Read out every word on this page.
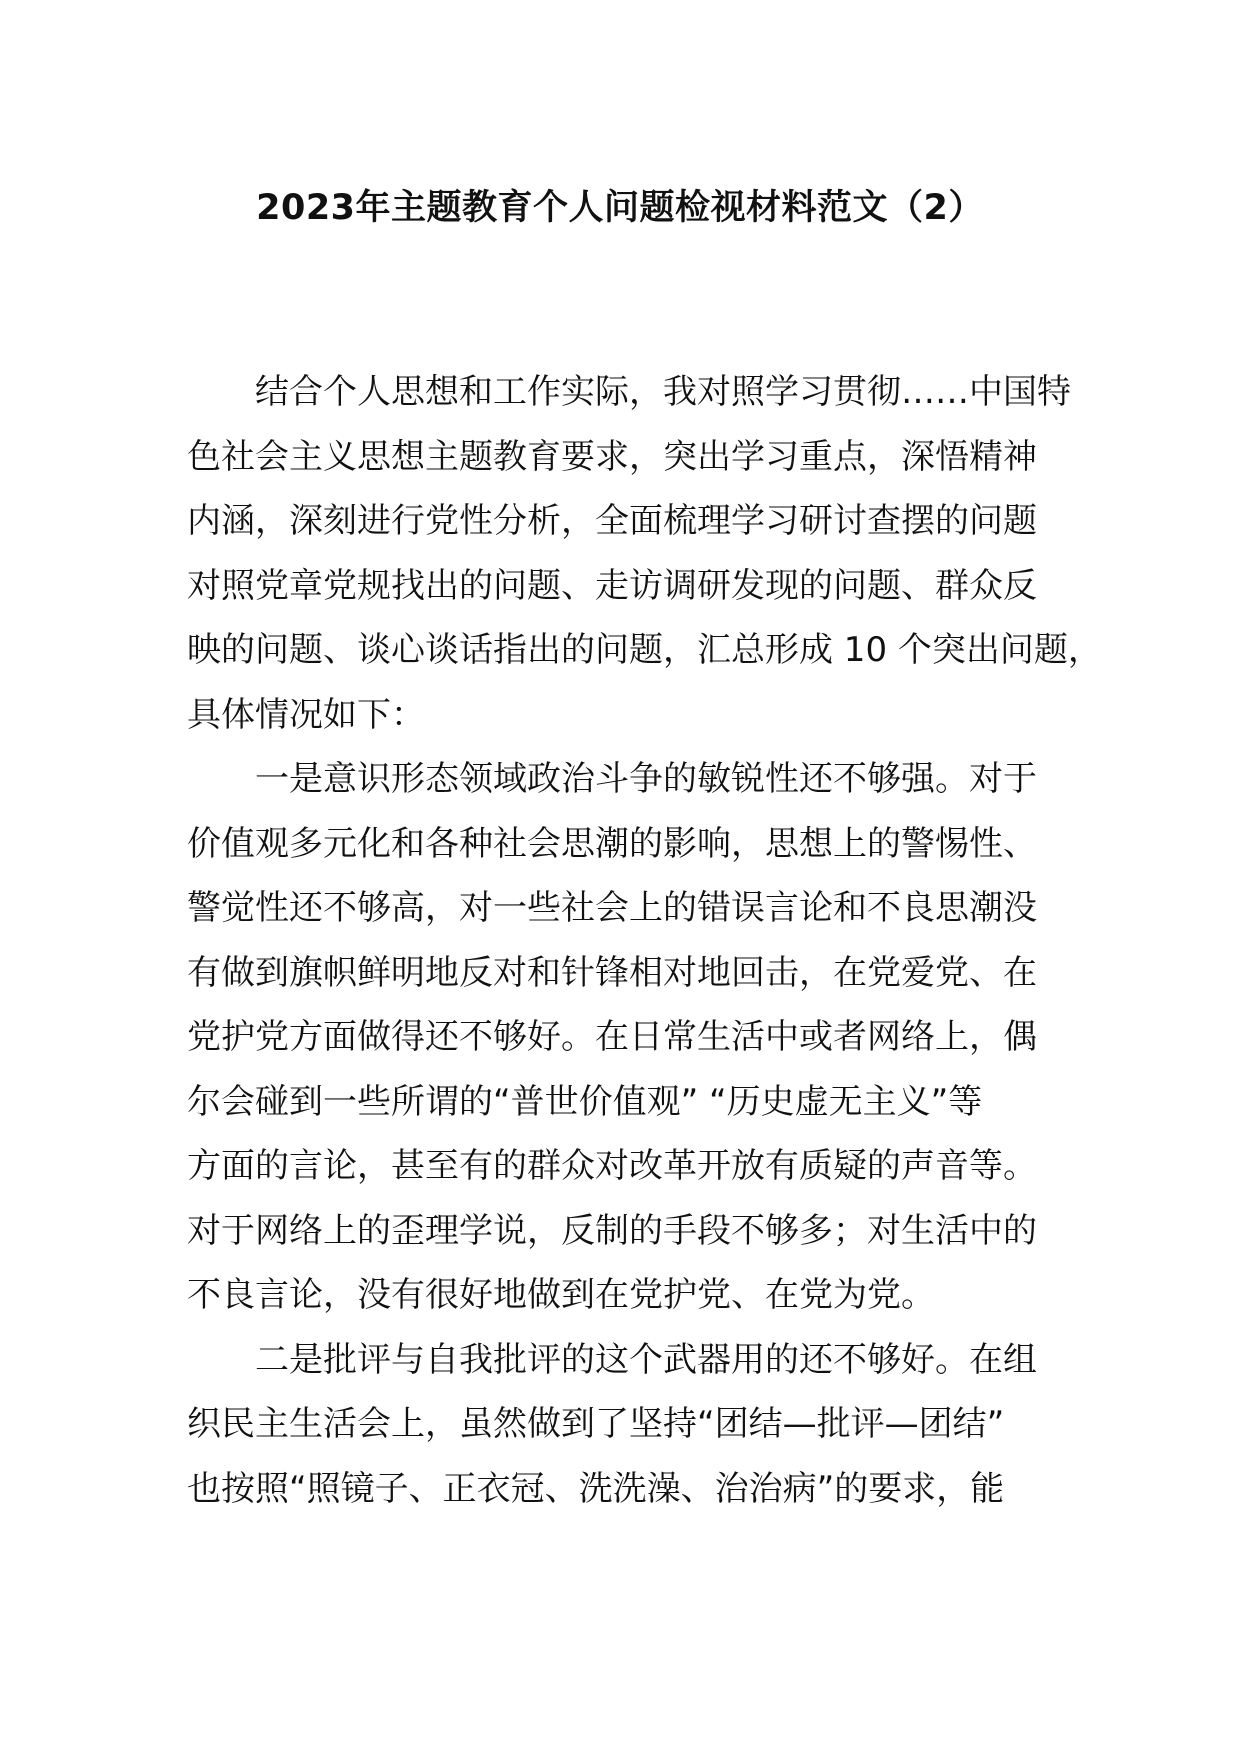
2023年主题教育个人问题检视材料范文（2）
结合个人思想和工作实际，我对照学习贯彻……中国特
色社会主义思想主题教育要求，突出学习重点，深悟精神
内涵，深刻进行党性分析，全面梳理学习研讨查摆的问题
对照党章党规找出的问题、走访调研发现的问题、群众反
映的问题、谈心谈话指出的问题，汇总形成 10 个突出问题，
具体情况如下：
一是意识形态领域政治斗争的敏锐性还不够强。对于
价值观多元化和各种社会思潮的影响，思想上的警惕性、
警觉性还不够高，对一些社会上的错误言论和不良思潮没
有做到旗帜鲜明地反对和针锋相对地回击，在党爱党、在
党护党方面做得还不够好。在日常生活中或者网络上，偶
尔会碰到一些所谓的“普世价值观” “历史虚无主义”等
方面的言论，甚至有的群众对改革开放有质疑的声音等。
对于网络上的歪理学说，反制的手段不够多；对生活中的
不良言论，没有很好地做到在党护党、在党为党。
二是批评与自我批评的这个武器用的还不够好。在组
织民主生活会上，虽然做到了坚持“团结—批评—团结”
也按照“照镜子、正衣冠、洗洗澡、治治病”的要求，能
